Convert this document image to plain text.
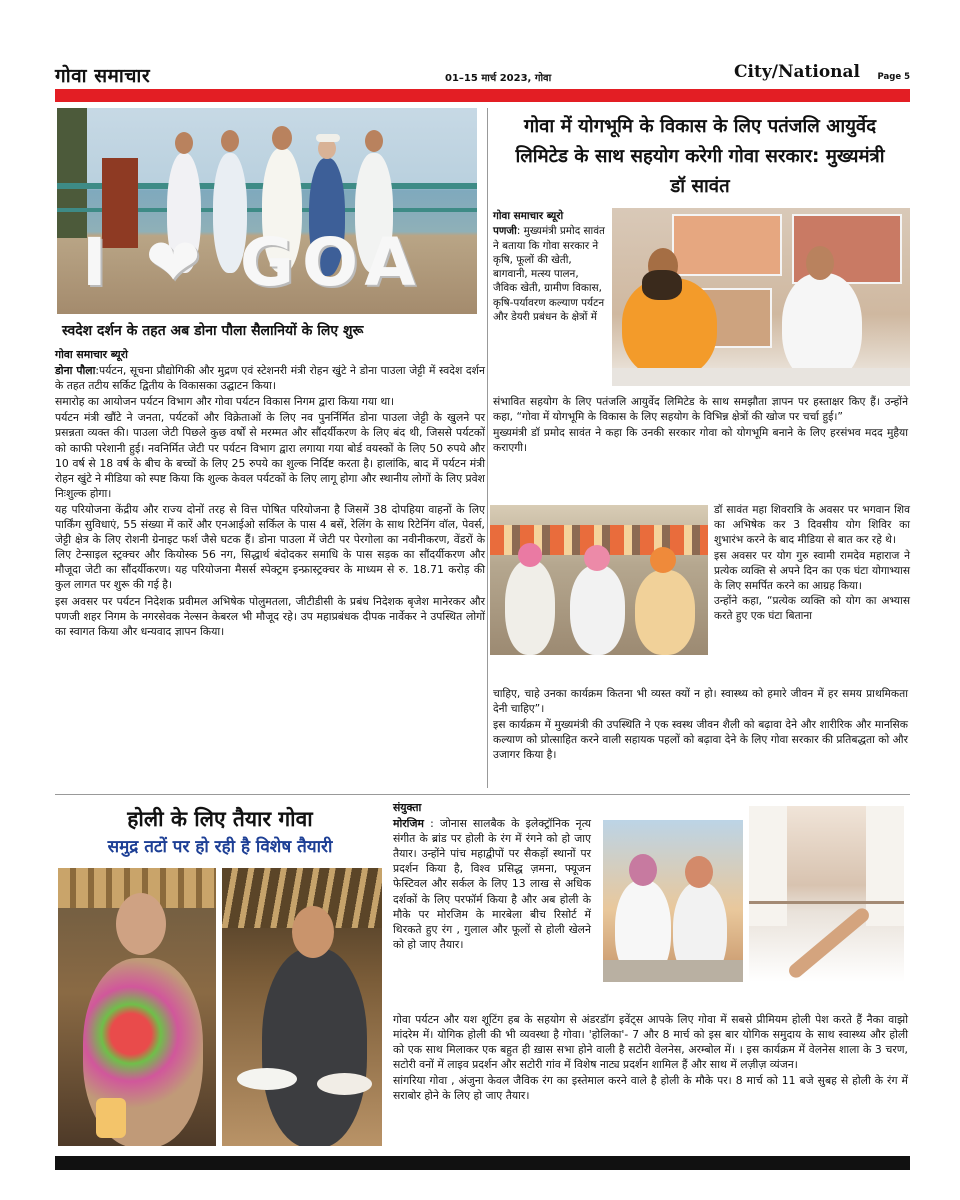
गोवा समाचार	01–15 मार्च 2023, गोवा	City/National Page 5
I ❤ GOA
स्वदेश दर्शन के तहत अब डोना पौला सैलानियों के लिए शुरू

गोवा समाचार ब्यूरो

डोना पौला:पर्यटन, सूचना प्रौद्योगिकी और मुद्रण एवं स्टेशनरी मंत्री रोहन खुंटे ने डोना पाउला जेट्टी में स्वदेश दर्शन के तहत तटीय सर्किट द्वितीय के विकासका उद्घाटन किया।

समारोह का आयोजन पर्यटन विभाग और गोवा पर्यटन विकास निगम द्वारा किया गया था।

पर्यटन मंत्री खौंटे ने जनता, पर्यटकों और विक्रेताओं के लिए नव पुनर्निर्मित डोना पाउला जेट्टी के खुलने पर प्रसन्नता व्यक्त की। पाउला जेटी पिछले कुछ वर्षों से मरम्मत और सौंदर्यीकरण के लिए बंद थी, जिससे पर्यटकों को काफी परेशानी हुई। नवनिर्मित जेटी पर पर्यटन विभाग द्वारा लगाया गया बोर्ड वयस्कों के लिए 50 रुपये और 10 वर्ष से 18 वर्ष के बीच के बच्चों के लिए 25 रुपये का शुल्क निर्दिष्ट करता है। हालांकि, बाद में पर्यटन मंत्री रोहन खुंटे ने मीडिया को स्पष्ट किया कि शुल्क केवल पर्यटकों के लिए लागू होगा और स्थानीय लोगों के लिए प्रवेश निःशुल्क होगा।

यह परियोजना केंद्रीय और राज्य दोनों तरह से वित्त पोषित परियोजना है जिसमें 38 दोपहिया वाहनों के लिए पार्किंग सुविधाएं, 55 संख्या में कारें और एनआईओ सर्किल के पास 4 बसें, रेलिंग के साथ रिटेनिंग वॉल, पेवर्स, जेट्टी क्षेत्र के लिए रोशनी ग्रेनाइट फर्श जैसे घटक हैं। डोना पाउला में जेटी पर पेरगोला का नवीनीकरण, वेंडरों के लिए टेन्साइल स्ट्रक्चर और कियोस्क 56 नग, सिद्धार्थ बंदोदकर समाधि के पास सड़क का सौंदर्यीकरण और मौजूदा जेटी का सौंदर्यीकरण। यह परियोजना मैसर्स स्पेक्ट्रम इन्फ्रास्ट्रक्चर के माध्यम से रु. 18.71 करोड़ की कुल लागत पर शुरू की गई है।

इस अवसर पर पर्यटन निदेशक प्रवीमल अभिषेक पोलुमतला, जीटीडीसी के प्रबंध निदेशक बृजेश मानेरकर और पणजी शहर निगम के नगरसेवक नेल्सन केबरल भी मौजूद रहे। उप महाप्रबंधक दीपक नार्वेकर ने उपस्थित लोगों का स्वागत किया और धन्यवाद ज्ञापन किया।

गोवा में योगभूमि के विकास के लिए पतंजलि आयुर्वेद लिमिटेड के साथ सहयोग करेगी गोवा सरकार: मुख्यमंत्री डॉ सावंत

गोवा समाचार ब्यूरो

पणजी: मुख्यमंत्री प्रमोद सावंत ने बताया कि गोवा सरकार ने कृषि, फूलों की खेती, बागवानी, मत्स्य पालन, जैविक खेती, ग्रामीण विकास, कृषि-पर्यावरण कल्याण पर्यटन और डेयरी प्रबंधन के क्षेत्रों में

संभावित सहयोग के लिए पतंजलि आयुर्वेद लिमिटेड के साथ समझौता ज्ञापन पर हस्ताक्षर किए हैं। उन्होंने कहा, “गोवा में योगभूमि के विकास के लिए सहयोग के विभिन्न क्षेत्रों की खोज पर चर्चा हुई।”

मुख्यमंत्री डॉ प्रमोद सावंत ने कहा कि उनकी सरकार गोवा को योगभूमि बनाने के लिए हरसंभव मदद मुहैया कराएगी।

डॉ सावंत महा शिवरात्रि के अवसर पर भगवान शिव का अभिषेक कर 3 दिवसीय योग शिविर का शुभारंभ करने के बाद मीडिया से बात कर रहे थे।

इस अवसर पर योग गुरु स्वामी रामदेव महाराज ने प्रत्येक व्यक्ति से अपने दिन का एक घंटा योगाभ्यास के लिए समर्पित करने का आग्रह किया।

उन्होंने कहा, “प्रत्येक व्यक्ति को योग का अभ्यास करते हुए एक घंटा बिताना

चाहिए, चाहे उनका कार्यक्रम कितना भी व्यस्त क्यों न हो। स्वास्थ्य को हमारे जीवन में हर समय प्राथमिकता देनी चाहिए”।

इस कार्यक्रम में मुख्यमंत्री की उपस्थिति ने एक स्वस्थ जीवन शैली को बढ़ावा देने और शारीरिक और मानसिक कल्याण को प्रोत्साहित करने वाली सहायक पहलों को बढ़ावा देने के लिए गोवा सरकार की प्रतिबद्धता को और उजागर किया है।

होली के लिए तैयार गोवा
समुद्र तटों पर हो रही है विशेष तैयारी

संयुक्ता

मोरजिम : जोनास सालबैक के इलेक्ट्रॉनिक नृत्य संगीत के ब्रांड पर होली के रंग में रंगने को हो जाए तैयार। उन्होंने पांच महाद्वीपों पर सैकड़ों स्थानों पर प्रदर्शन किया है, विश्व प्रसिद्ध ज़मना, फ्यूजन फेस्टिवल और सर्कल के लिए 13 लाख से अधिक दर्शकों के लिए परफॉर्म किया है और अब होली के मौके पर मोरजिम के मारबेला बीच रिसोर्ट में थिरकते हुए रंग , गुलाल और फूलों से होली खेलने को हो जाए तैयार।

गोवा पर्यटन और यश शूटिंग हब के सहयोग से अंडरडॉग इवेंट्स आपके लिए गोवा में सबसे प्रीमियम होली पेश करते हैं नैका वाझो मांदरेम में। योगिक होली की भी व्यवस्था है गोवा। 'होलिका'- 7 और 8 मार्च को इस बार योगिक समुदाय के साथ स्वास्थ्य और होली को एक साथ मिलाकर एक बहुत ही ख़ास सभा होने वाली है सटोरी वेलनेस, अरम्बोल में। । इस कार्यक्रम में वेलनेस शाला के 3 चरण, सटोरी वनों में लाइव प्रदर्शन और सटोरी गांव में विशेष नाट्य प्रदर्शन शामिल हैं और साथ में लज़ीज़ व्यंजन।

सांगरिया गोवा , अंजुना केवल जैविक रंग का इस्तेमाल करने वाले है होली के मौके पर। 8 मार्च को 11 बजे सुबह से होली के रंग में सराबोर होने के लिए हो जाए तैयार।
